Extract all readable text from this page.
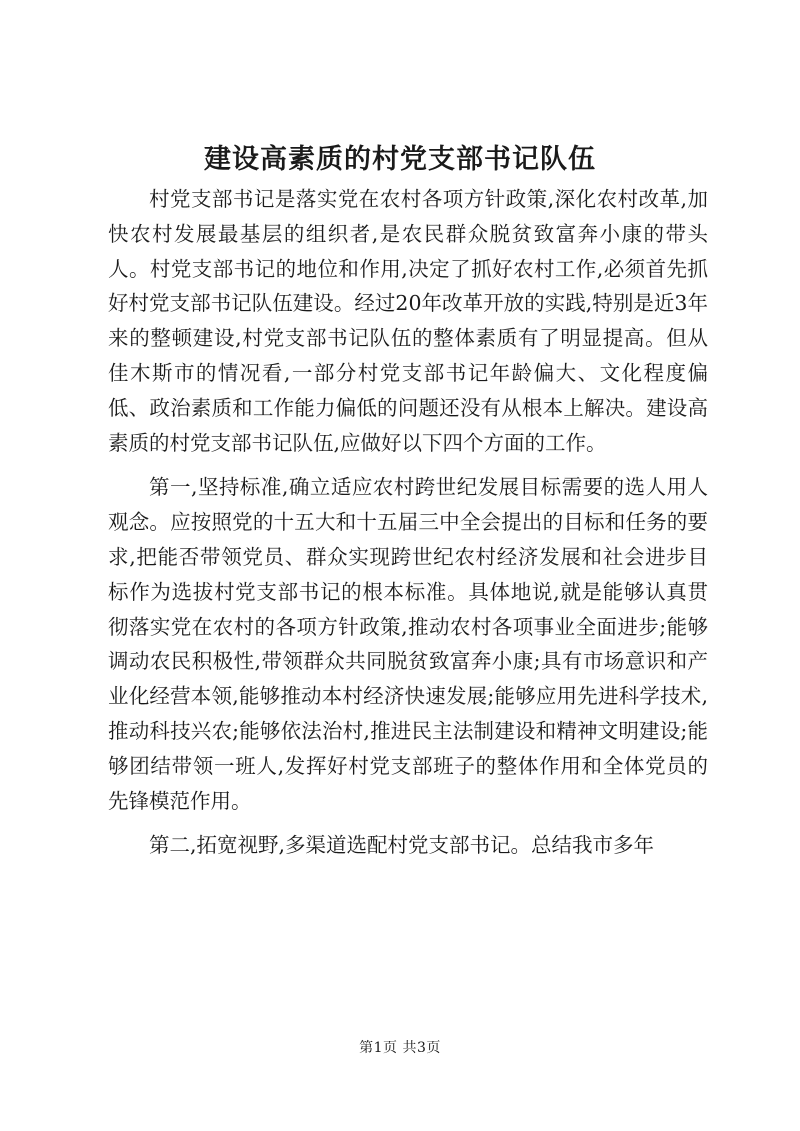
建设高素质的村党支部书记队伍

村党支部书记是落实党在农村各项方针政策,深化农村改革,加快农村发展最基层的组织者,是农民群众脱贫致富奔小康的带头人。村党支部书记的地位和作用,决定了抓好农村工作,必须首先抓好村党支部书记队伍建设。经过20年改革开放的实践,特别是近3年来的整顿建设,村党支部书记队伍的整体素质有了明显提高。但从佳木斯市的情况看,一部分村党支部书记年龄偏大、文化程度偏低、政治素质和工作能力偏低的问题还没有从根本上解决。建设高素质的村党支部书记队伍,应做好以下四个方面的工作。

第一,坚持标准,确立适应农村跨世纪发展目标需要的选人用人观念。应按照党的十五大和十五届三中全会提出的目标和任务的要求,把能否带领党员、群众实现跨世纪农村经济发展和社会进步目标作为选拔村党支部书记的根本标准。具体地说,就是能够认真贯彻落实党在农村的各项方针政策,推动农村各项事业全面进步;能够调动农民积极性,带领群众共同脱贫致富奔小康;具有市场意识和产业化经营本领,能够推动本村经济快速发展;能够应用先进科学技术,推动科技兴农;能够依法治村,推进民主法制建设和精神文明建设;能够团结带领一班人,发挥好村党支部班子的整体作用和全体党员的先锋模范作用。

第二,拓宽视野,多渠道选配村党支部书记。总结我市多年

第1页 共3页
